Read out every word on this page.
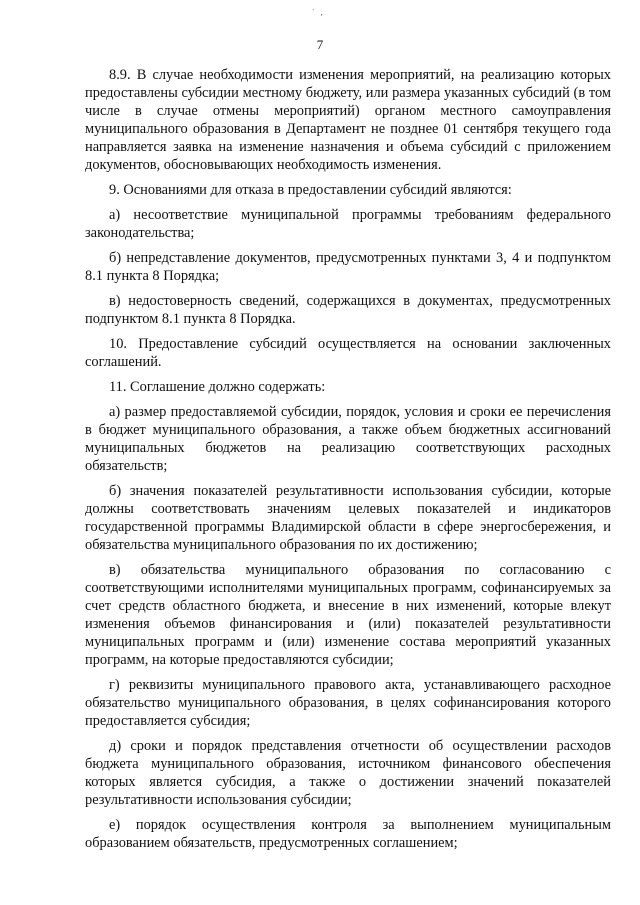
` ,
7

8.9. В случае необходимости изменения мероприятий, на реализацию которых предоставлены субсидии местному бюджету, или размера указанных субсидий (в том числе в случае отмены мероприятий) органом местного самоуправления муниципального образования в Департамент не позднее 01 сентября текущего года направляется заявка на изменение назначения и объема субсидий с приложением документов, обосновывающих необходимость изменения.

9. Основаниями для отказа в предоставлении субсидий являются:

а) несоответствие муниципальной программы требованиям федерального законодательства;

б) непредставление документов, предусмотренных пунктами 3, 4 и подпунктом 8.1 пункта 8 Порядка;

в) недостоверность сведений, содержащихся в документах, предусмотренных подпунктом 8.1 пункта 8 Порядка.

10. Предоставление субсидий осуществляется на основании заключенных соглашений.

11. Соглашение должно содержать:

а) размер предоставляемой субсидии, порядок, условия и сроки ее перечисления в бюджет муниципального образования, а также объем бюджетных ассигнований муниципальных бюджетов на реализацию соответствующих расходных обязательств;

б) значения показателей результативности использования субсидии, которые должны соответствовать значениям целевых показателей и индикаторов государственной программы Владимирской области в сфере энергосбережения, и обязательства муниципального образования по их достижению;

в) обязательства муниципального образования по согласованию с соответствующими исполнителями муниципальных программ, софинансируемых за счет средств областного бюджета, и внесение в них изменений, которые влекут изменения объемов финансирования и (или) показателей результативности муниципальных программ и (или) изменение состава мероприятий указанных программ, на которые предоставляются субсидии;

г) реквизиты муниципального правового акта, устанавливающего расходное обязательство муниципального образования, в целях софинансирования которого предоставляется субсидия;

д) сроки и порядок представления отчетности об осуществлении расходов бюджета муниципального образования, источником финансового обеспечения которых является субсидия, а также о достижении значений показателей результативности использования субсидии;

е) порядок осуществления контроля за выполнением муниципальным образованием обязательств, предусмотренных соглашением;
